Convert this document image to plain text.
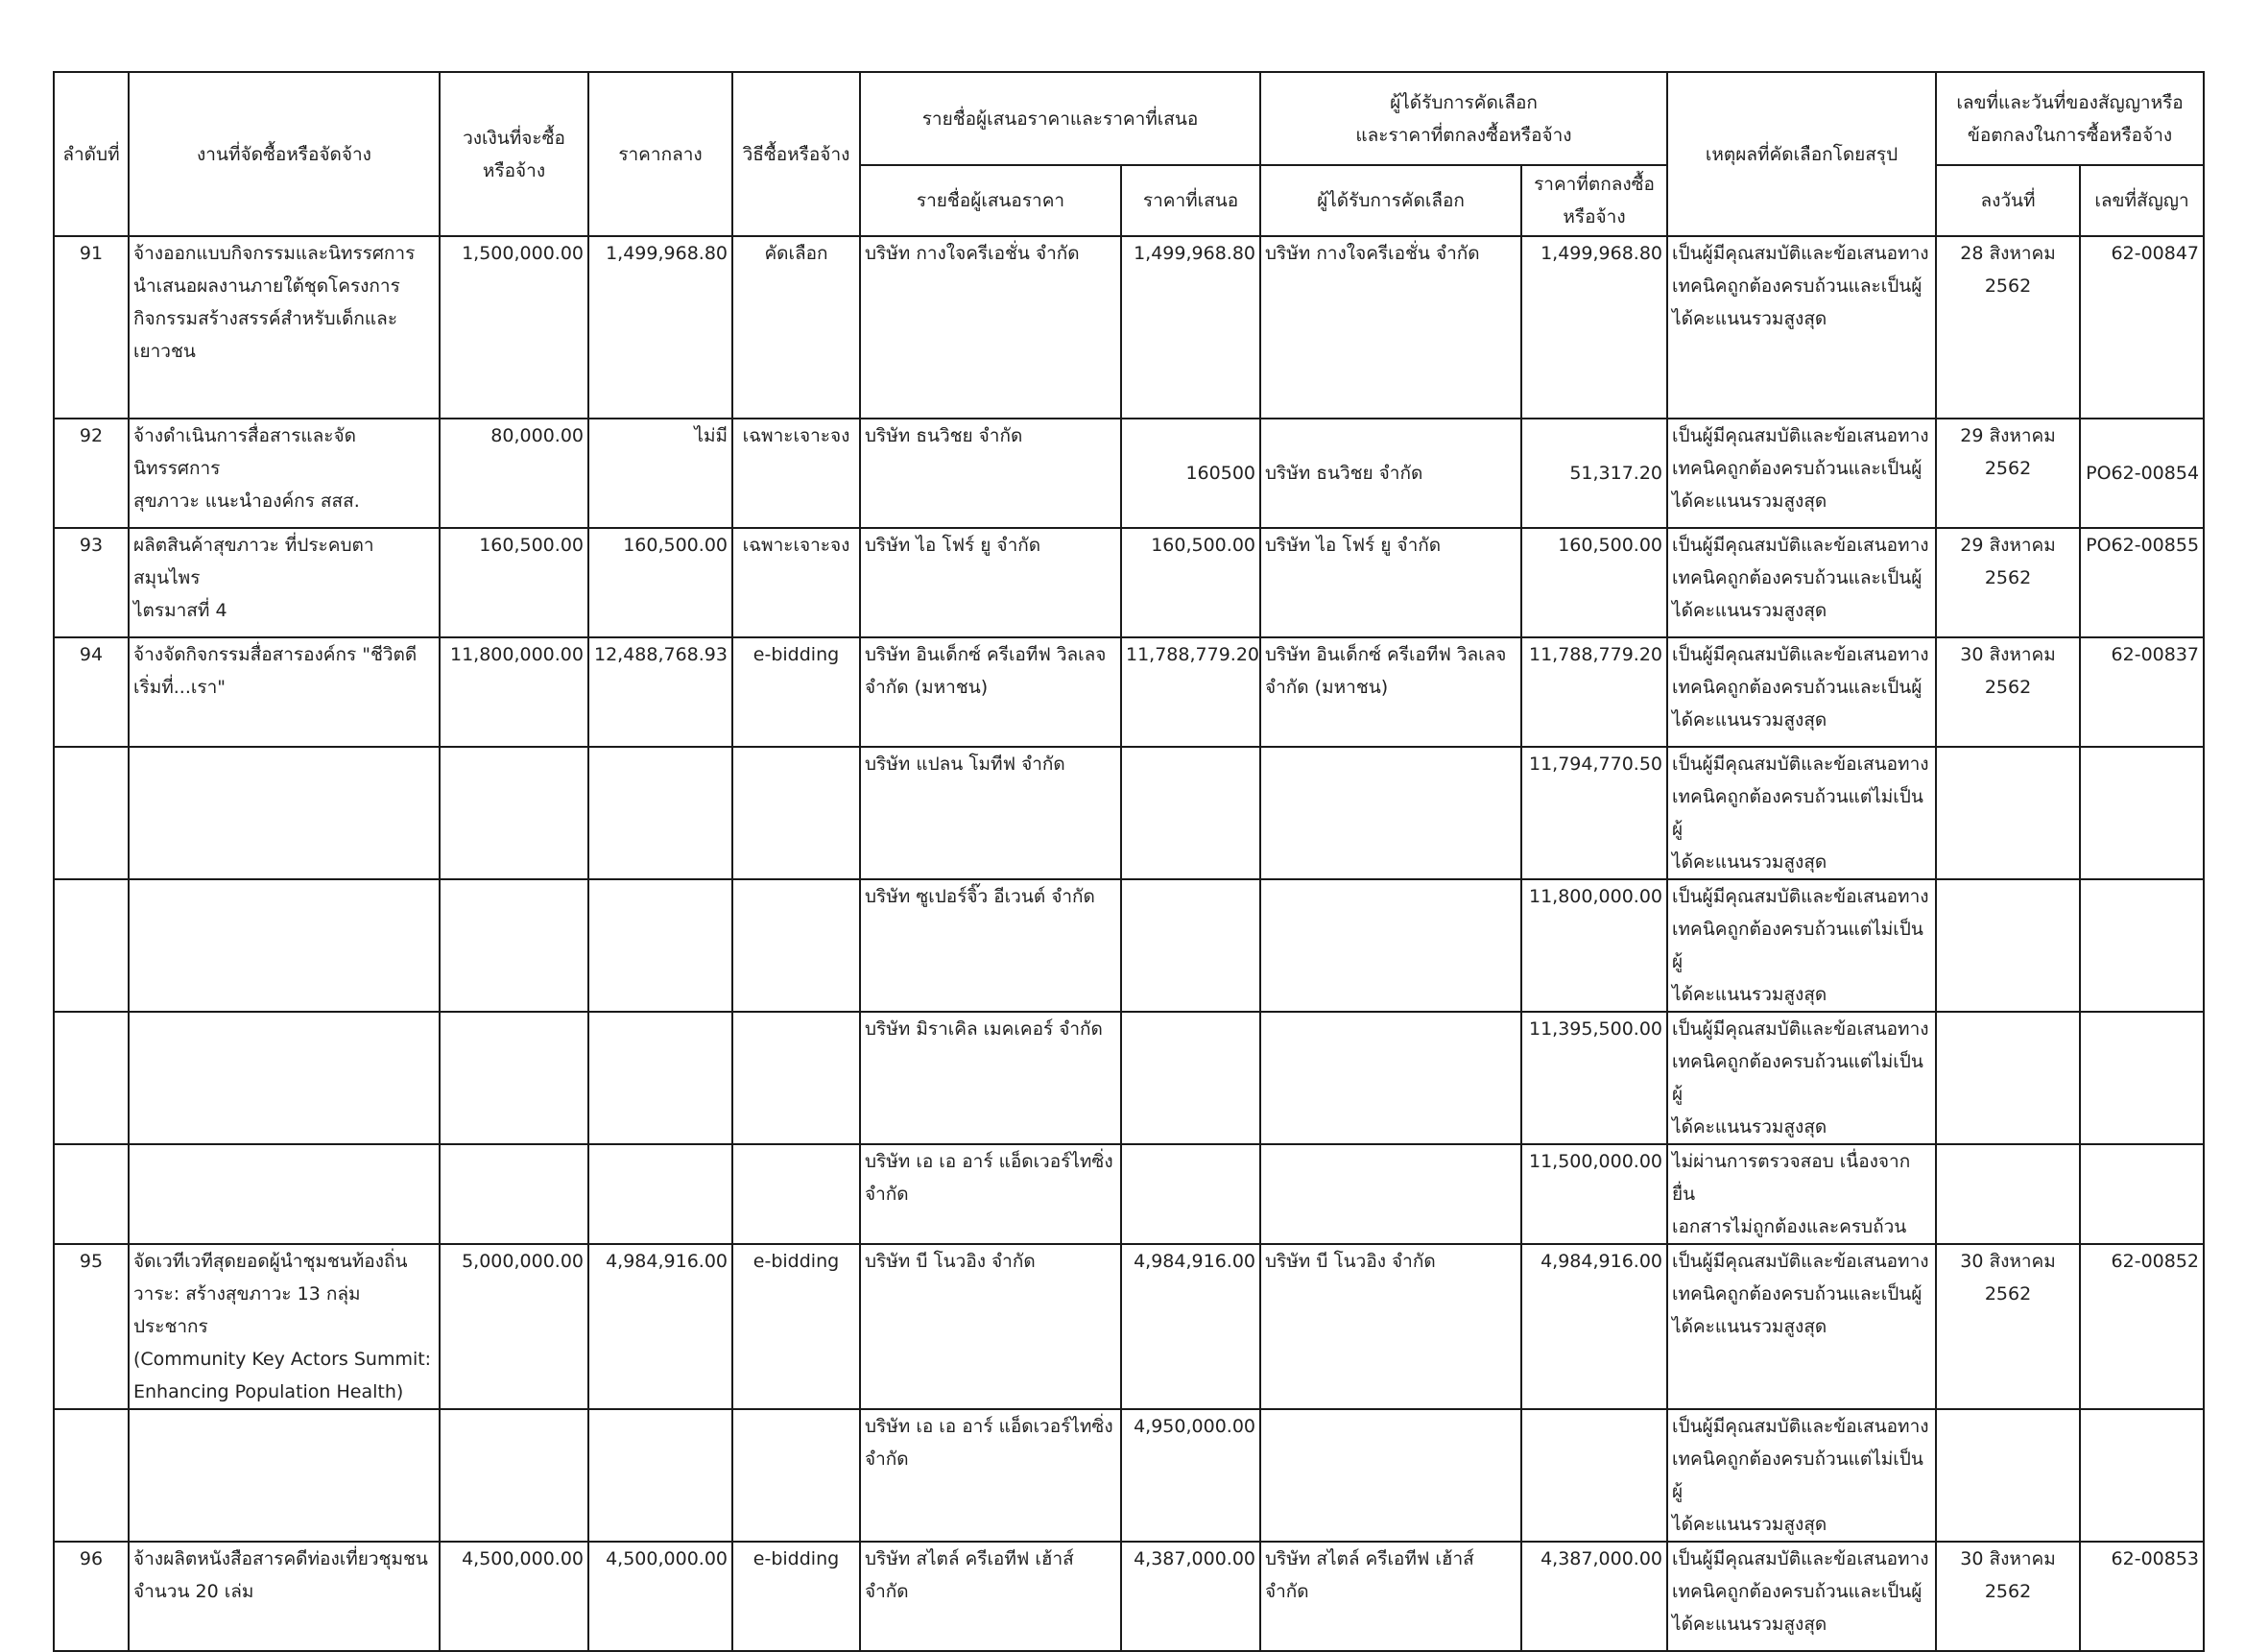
ลำดับที่	งานที่จัดซื้อหรือจัดจ้าง	วงเงินที่จะซื้อ
หรือจ้าง	ราคากลาง	วิธีซื้อหรือจ้าง	รายชื่อผู้เสนอราคาและราคาที่เสนอ		ผู้ได้รับการคัดเลือก
และราคาที่ตกลงซื้อหรือจ้าง		เหตุผลที่คัดเลือกโดยสรุป	เลขที่และวันที่ของสัญญาหรือ
ข้อตกลงในการซื้อหรือจ้าง	
					รายชื่อผู้เสนอราคา	ราคาที่เสนอ	ผู้ได้รับการคัดเลือก	ราคาที่ตกลงซื้อ
หรือจ้าง		ลงวันที่	เลขที่สัญญา
91	จ้างออกแบบกิจกรรมและนิทรรศการ
นำเสนอผลงานภายใต้ชุดโครงการ
กิจกรรมสร้างสรรค์สำหรับเด็กและ
เยาวชน	1,500,000.00	1,499,968.80	คัดเลือก	บริษัท กางใจครีเอชั่น จำกัด	1,499,968.80	บริษัท กางใจครีเอชั่น จำกัด	1,499,968.80	เป็นผู้มีคุณสมบัติและข้อเสนอทาง
เทคนิคถูกต้องครบถ้วนและเป็นผู้
ได้คะแนนรวมสูงสุด	28 สิงหาคม 2562	62-00847
92	จ้างดำเนินการสื่อสารและจัดนิทรรศการ
สุขภาวะ แนะนำองค์กร สสส.	80,000.00	ไม่มี	เฉพาะเจาะจง	บริษัท ธนวิชย จำกัด	160500	บริษัท ธนวิชย จำกัด	51,317.20	เป็นผู้มีคุณสมบัติและข้อเสนอทาง
เทคนิคถูกต้องครบถ้วนและเป็นผู้
ได้คะแนนรวมสูงสุด	29 สิงหาคม 2562	PO62-00854
93	ผลิตสินค้าสุขภาวะ ที่ประคบตาสมุนไพร
ไตรมาสที่ 4	160,500.00	160,500.00	เฉพาะเจาะจง	บริษัท ไอ โฟร์ ยู จำกัด	160,500.00	บริษัท ไอ โฟร์ ยู จำกัด	160,500.00	เป็นผู้มีคุณสมบัติและข้อเสนอทาง
เทคนิคถูกต้องครบถ้วนและเป็นผู้
ได้คะแนนรวมสูงสุด	29 สิงหาคม 2562	PO62-00855
94	จ้างจัดกิจกรรมสื่อสารองค์กร "ชีวิตดี
เริ่มที่...เรา"	11,800,000.00	12,488,768.93	e-bidding	บริษัท อินเด็กซ์ ครีเอทีฟ วิลเลจ
จำกัด (มหาชน)	11,788,779.20	บริษัท อินเด็กซ์ ครีเอทีฟ วิลเลจ
จำกัด (มหาชน)	11,788,779.20	เป็นผู้มีคุณสมบัติและข้อเสนอทาง
เทคนิคถูกต้องครบถ้วนและเป็นผู้
ได้คะแนนรวมสูงสุด	30 สิงหาคม 2562	62-00837
					บริษัท แปลน โมทีฟ จำกัด			11,794,770.50	เป็นผู้มีคุณสมบัติและข้อเสนอทาง
เทคนิคถูกต้องครบถ้วนแต่ไม่เป็นผู้
ได้คะแนนรวมสูงสุด		
					บริษัท ซูเปอร์จิ๊ว อีเวนต์ จำกัด			11,800,000.00	เป็นผู้มีคุณสมบัติและข้อเสนอทาง
เทคนิคถูกต้องครบถ้วนแต่ไม่เป็นผู้
ได้คะแนนรวมสูงสุด		
					บริษัท มิราเคิล เมคเคอร์ จำกัด			11,395,500.00	เป็นผู้มีคุณสมบัติและข้อเสนอทาง
เทคนิคถูกต้องครบถ้วนแต่ไม่เป็นผู้
ได้คะแนนรวมสูงสุด		
					บริษัท เอ เอ อาร์ แอ็ดเวอร์ไทซิ่ง
จำกัด			11,500,000.00	ไม่ผ่านการตรวจสอบ เนื่องจากยื่น
เอกสารไม่ถูกต้องและครบถ้วน		
95	จัดเวทีเวทีสุดยอดผู้นำชุมชนท้องถิ่น
วาระ: สร้างสุขภาวะ 13 กลุ่มประชากร
(Community Key Actors Summit:
Enhancing Population Health)	5,000,000.00	4,984,916.00	e-bidding	บริษัท บี โนวอิง จำกัด	4,984,916.00	บริษัท บี โนวอิง จำกัด	4,984,916.00	เป็นผู้มีคุณสมบัติและข้อเสนอทาง
เทคนิคถูกต้องครบถ้วนและเป็นผู้
ได้คะแนนรวมสูงสุด	30 สิงหาคม 2562	62-00852
					บริษัท เอ เอ อาร์ แอ็ดเวอร์ไทซิ่ง
จำกัด	4,950,000.00			เป็นผู้มีคุณสมบัติและข้อเสนอทาง
เทคนิคถูกต้องครบถ้วนแต่ไม่เป็นผู้
ได้คะแนนรวมสูงสุด		
96	จ้างผลิตหนังสือสารคดีท่องเที่ยวชุมชน
จำนวน 20 เล่ม	4,500,000.00	4,500,000.00	e-bidding	บริษัท สไตล์ ครีเอทีฟ เฮ้าส์ จำกัด	4,387,000.00	บริษัท สไตล์ ครีเอทีฟ เฮ้าส์ จำกัด	4,387,000.00	เป็นผู้มีคุณสมบัติและข้อเสนอทาง
เทคนิคถูกต้องครบถ้วนและเป็นผู้
ได้คะแนนรวมสูงสุด	30 สิงหาคม 2562	62-00853
